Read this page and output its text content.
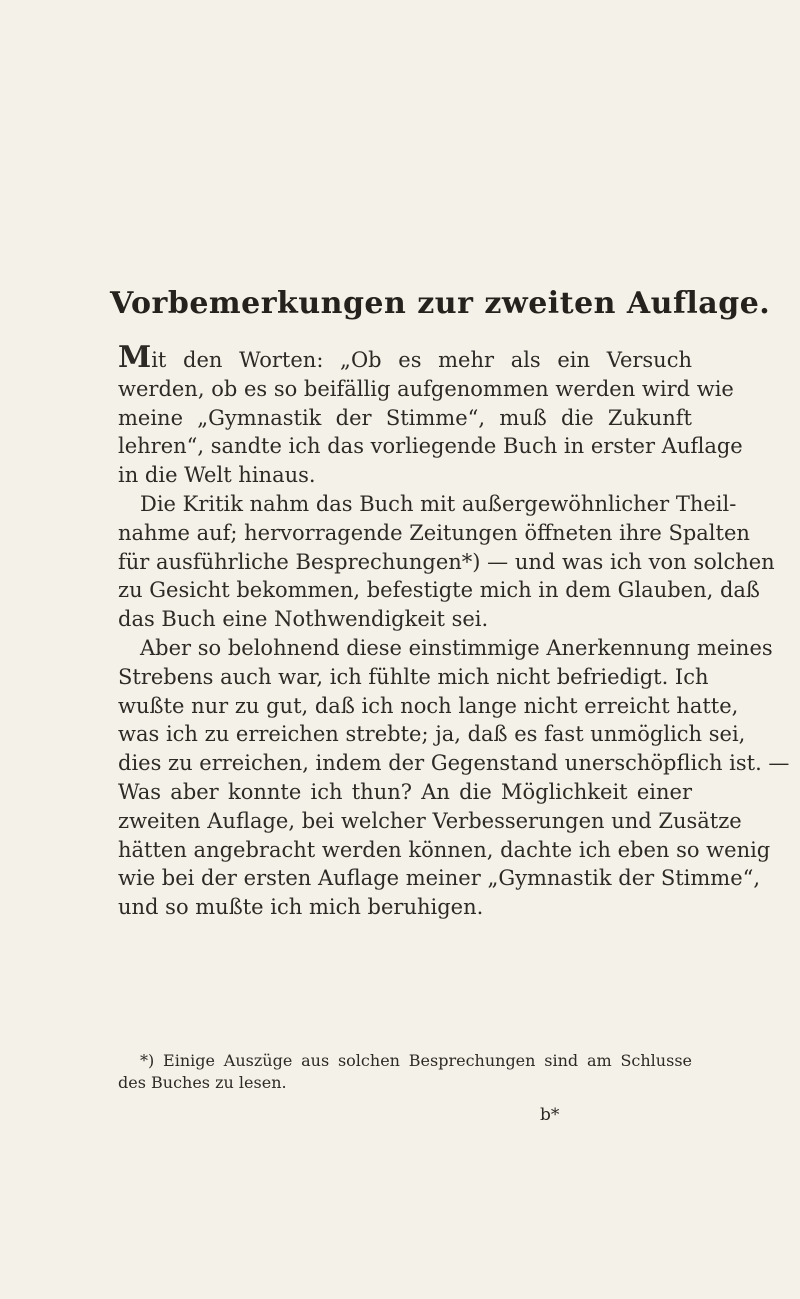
Vorbemerkungen zur zweiten Auflage.
Mit den Worten: „Ob es mehr als ein Versuch
werden, ob es so beifällig aufgenommen werden wird wie
meine „Gymnastik der Stimme“, muß die Zukunft
lehren“, sandte ich das vorliegende Buch in erster Auflage
in die Welt hinaus.
Die Kritik nahm das Buch mit außergewöhnlicher Theil-
nahme auf; hervorragende Zeitungen öffneten ihre Spalten
für ausführliche Besprechungen*) — und was ich von solchen
zu Gesicht bekommen, befestigte mich in dem Glauben, daß
das Buch eine Nothwendigkeit sei.
Aber so belohnend diese einstimmige Anerkennung meines
Strebens auch war, ich fühlte mich nicht befriedigt. Ich
wußte nur zu gut, daß ich noch lange nicht erreicht hatte,
was ich zu erreichen strebte; ja, daß es fast unmöglich sei,
dies zu erreichen, indem der Gegenstand unerschöpflich ist. —
Was aber konnte ich thun? An die Möglichkeit einer
zweiten Auflage, bei welcher Verbesserungen und Zusätze
hätten angebracht werden können, dachte ich eben so wenig
wie bei der ersten Auflage meiner „Gymnastik der Stimme“,
und so mußte ich mich beruhigen.
*) Einige Auszüge aus solchen Besprechungen sind am Schlusse
des Buches zu lesen.
b*
